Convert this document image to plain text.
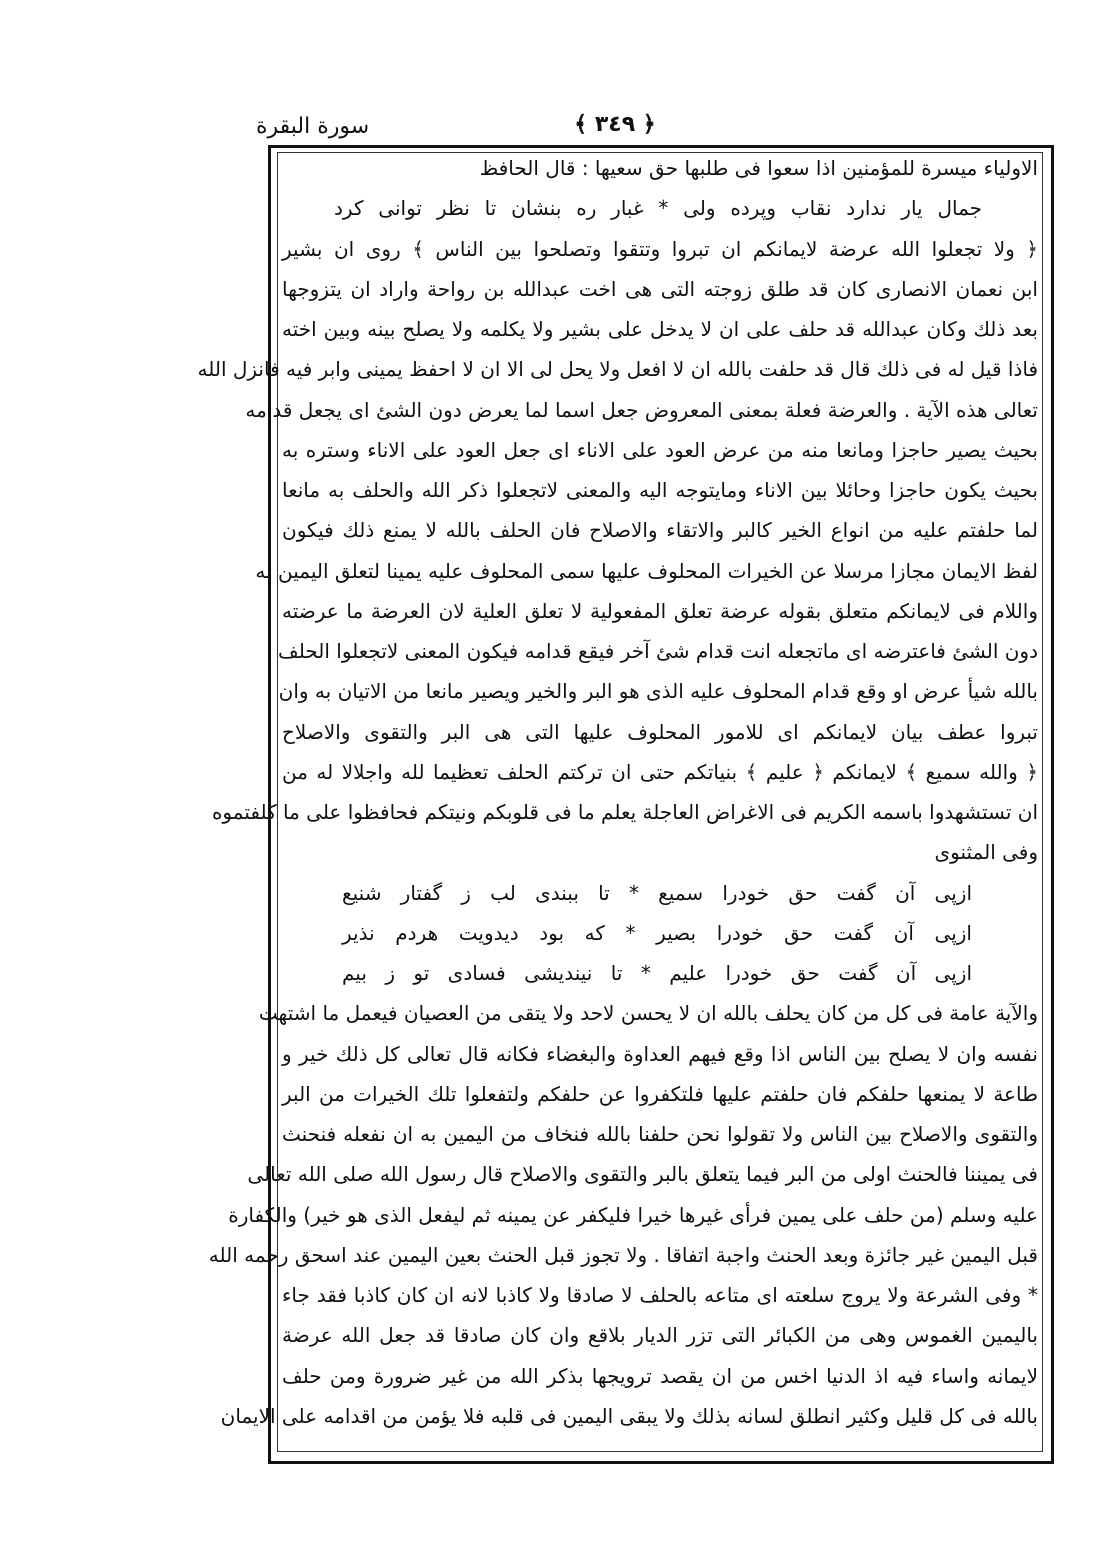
سورة البقرة	﴿ ٣٤٩ ﴾
الاولياء ميسرة للمؤمنين اذا سعوا فى طلبها حق سعيها : قال الحافظ
جمال يار ندارد نقاب وپرده ولى * غبار ره بنشان تا نظر توانى كرد
﴿ ولا تجعلوا الله عرضة لايمانكم ان تبروا وتتقوا وتصلحوا بين الناس ﴾ روى ان بشير
ابن نعمان الانصارى كان قد طلق زوجته التى هى اخت عبدالله بن رواحة واراد ان يتزوجها
بعد ذلك وكان عبدالله قد حلف على ان لا يدخل على بشير ولا يكلمه ولا يصلح بينه وبين اخته
فاذا قيل له فى ذلك قال قد حلفت بالله ان لا افعل ولا يحل لى الا ان لا احفظ يمينى وابر فيه فانزل الله
تعالى هذه الآية . والعرضة فعلة بمعنى المعروض جعل اسما لما يعرض دون الشئ اى يجعل قدامه
بحيث يصير حاجزا ومانعا منه من عرض العود على الاناء اى جعل العود على الاناء وستره به
بحيث يكون حاجزا وحائلا بين الاناء ومايتوجه اليه والمعنى لاتجعلوا ذكر الله والحلف به مانعا
لما حلفتم عليه من انواع الخير كالبر والاتقاء والاصلاح فان الحلف بالله لا يمنع ذلك فيكون
لفظ الايمان مجازا مرسلا عن الخيرات المحلوف عليها سمى المحلوف عليه يمينا لتعلق اليمين به
واللام فى لايمانكم متعلق بقوله عرضة تعلق المفعولية لا تعلق العلية لان العرضة ما عرضته
دون الشئ فاعترضه اى ماتجعله انت قدام شئ آخر فيقع قدامه فيكون المعنى لاتجعلوا الحلف
بالله شيأ عرض او وقع قدام المحلوف عليه الذى هو البر والخير ويصير مانعا من الاتيان به وان
تبروا عطف بيان لايمانكم اى للامور المحلوف عليها التى هى البر والتقوى والاصلاح
﴿ والله سميع ﴾ لايمانكم ﴿ عليم ﴾ بنياتكم حتى ان تركتم الحلف تعظيما لله واجلالا له من
ان تستشهدوا باسمه الكريم فى الاغراض العاجلة يعلم ما فى قلوبكم ونيتكم فحافظوا على ما كلفتموه
وفى المثنوى
ازپى آن گفت حق خودرا سميع * تا ببندى لب ز گفتار شنيع
ازپى آن گفت حق خودرا بصير * كه بود ديدويت هردم نذير
ازپى آن گفت حق خودرا عليم * تا نينديشى فسادى تو ز بيم
والآية عامة فى كل من كان يحلف بالله ان لا يحسن لاحد ولا يتقى من العصيان فيعمل ما اشتهت
نفسه وان لا يصلح بين الناس اذا وقع فيهم العداوة والبغضاء فكانه قال تعالى كل ذلك خير و
طاعة لا يمنعها حلفكم فان حلفتم عليها فلتكفروا عن حلفكم ولتفعلوا تلك الخيرات من البر
والتقوى والاصلاح بين الناس ولا تقولوا نحن حلفنا بالله فنخاف من اليمين به ان نفعله فنحنث
فى يميننا فالحنث اولى من البر فيما يتعلق بالبر والتقوى والاصلاح قال رسول الله صلى الله تعالى
عليه وسلم (من حلف على يمين فرأى غيرها خيرا فليكفر عن يمينه ثم ليفعل الذى هو خير) والكفارة
قبل اليمين غير جائزة وبعد الحنث واجبة اتفاقا . ولا تجوز قبل الحنث بعين اليمين عند اسحق رحمه الله
* وفى الشرعة ولا يروج سلعته اى متاعه بالحلف لا صادقا ولا كاذبا لانه ان كان كاذبا فقد جاء
باليمين الغموس وهى من الكبائر التى تزر الديار بلاقع وان كان صادقا قد جعل الله عرضة
لايمانه واساء فيه اذ الدنيا اخس من ان يقصد ترويجها بذكر الله من غير ضرورة ومن حلف
بالله فى كل قليل وكثير انطلق لسانه بذلك ولا يبقى اليمين فى قلبه فلا يؤمن من اقدامه على الايمان
